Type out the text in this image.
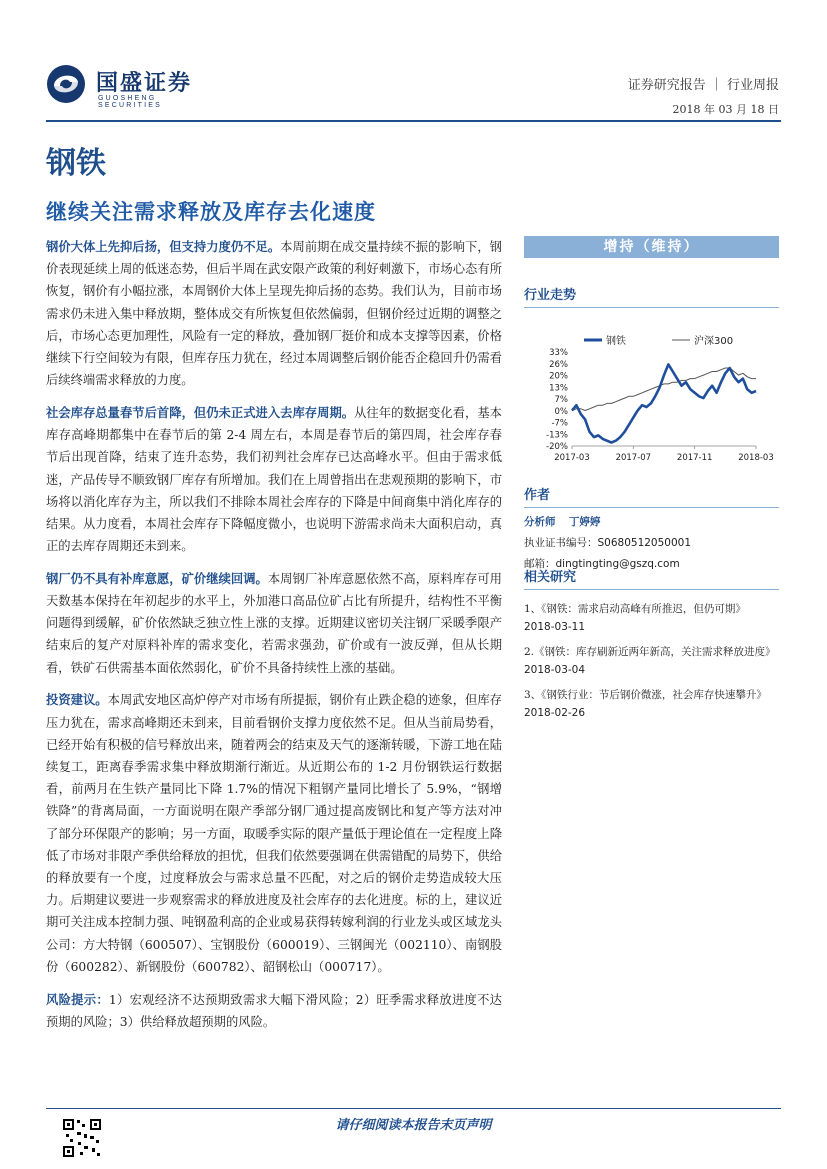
国盛证券
GUOSHENG SECURITIES
证券研究报告 ｜ 行业周报
2018 年 03 月 18 日
钢铁
继续关注需求释放及库存去化速度

钢价大体上先抑后扬，但支持力度仍不足。本周前期在成交量持续不振的影响下，钢价表现延续上周的低迷态势，但后半周在武安限产政策的利好刺激下，市场心态有所恢复，钢价有小幅拉涨，本周钢价大体上呈现先抑后扬的态势。我们认为，目前市场需求仍未进入集中释放期，整体成交有所恢复但依然偏弱，但钢价经过近期的调整之后，市场心态更加理性，风险有一定的释放，叠加钢厂挺价和成本支撑等因素，价格继续下行空间较为有限，但库存压力犹在，经过本周调整后钢价能否企稳回升仍需看后续终端需求释放的力度。

社会库存总量春节后首降，但仍未正式进入去库存周期。从往年的数据变化看，基本库存高峰期都集中在春节后的第 2-4 周左右，本周是春节后的第四周，社会库存春节后出现首降，结束了连升态势，我们初判社会库存已达高峰水平。但由于需求低迷，产品传导不顺致钢厂库存有所增加。我们在上周曾指出在悲观预期的影响下，市场将以消化库存为主，所以我们不排除本周社会库存的下降是中间商集中消化库存的结果。从力度看，本周社会库存下降幅度微小，也说明下游需求尚未大面积启动，真正的去库存周期还未到来。

钢厂仍不具有补库意愿，矿价继续回调。本周钢厂补库意愿依然不高，原料库存可用天数基本保持在年初起步的水平上，外加港口高品位矿占比有所提升，结构性不平衡问题得到缓解，矿价依然缺乏独立性上涨的支撑。近期建议密切关注钢厂采暖季限产结束后的复产对原料补库的需求变化，若需求强劲，矿价或有一波反弹，但从长期看，铁矿石供需基本面依然弱化，矿价不具备持续性上涨的基础。

投资建议。本周武安地区高炉停产对市场有所提振，钢价有止跌企稳的迹象，但库存压力犹在，需求高峰期还未到来，目前看钢价支撑力度依然不足。但从当前局势看，已经开始有积极的信号释放出来，随着两会的结束及天气的逐渐转暖，下游工地在陆续复工，距离春季需求集中释放期渐行渐近。从近期公布的 1-2 月份钢铁运行数据看，前两月在生铁产量同比下降 1.7%的情况下粗钢产量同比增长了 5.9%，“钢增铁降”的背离局面，一方面说明在限产季部分钢厂通过提高废钢比和复产等方法对冲了部分环保限产的影响；另一方面，取暖季实际的限产量低于理论值在一定程度上降低了市场对非限产季供给释放的担忧，但我们依然要强调在供需错配的局势下，供给的释放要有一个度，过度释放会与需求总量不匹配，对之后的钢价走势造成较大压力。后期建议要进一步观察需求的释放进度及社会库存的去化进度。标的上，建议近期可关注成本控制力强、吨钢盈利高的企业或易获得转嫁利润的行业龙头或区域龙头公司：方大特钢（600507）、宝钢股份（600019）、三钢闽光（002110）、南钢股份（600282）、新钢股份（600782）、韶钢松山（000717）。

风险提示：1）宏观经济不达预期致需求大幅下滑风险；2）旺季需求释放进度不达预期的风险；3）供给释放超预期的风险。

增持（维持）
行业走势
钢铁	沪深300
33%
26%
20%
13%
7%
0%
-7%
-13%
-20%
2017-03	2017-07	2017-11	2018-03
作者
分析师 丁婷婷
执业证书编号：S0680512050001
邮箱：dingtingting@gszq.com
相关研究
1、《钢铁：需求启动高峰有所推迟，但仍可期》
2018-03-11
2.《钢铁：库存刷新近两年新高，关注需求释放进度》
2018-03-04
3、《钢铁行业：节后钢价微涨，社会库存快速攀升》
2018-02-26
请仔细阅读本报告末页声明
